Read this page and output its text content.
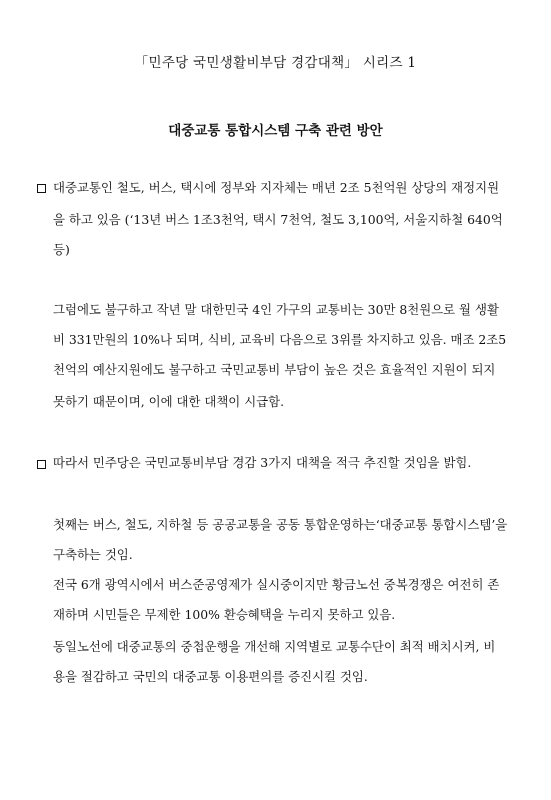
「민주당 국민생활비부담 경감대책」 시리즈 1
대중교통 통합시스템 구축 관련 방안
대중교통인 철도, 버스, 택시에 정부와 지자체는 매년 2조 5천억원 상당의 재정지원
을 하고 있음 (‘13년 버스 1조3천억, 택시 7천억, 철도 3,100억, 서울지하철 640억
등)
그럼에도 불구하고 작년 말 대한민국 4인 가구의 교통비는 30만 8천원으로 월 생활
비 331만원의 10%나 되며, 식비, 교육비 다음으로 3위를 차지하고 있음. 매조 2조5
천억의 예산지원에도 불구하고 국민교통비 부담이 높은 것은 효율적인 지원이 되지
못하기 때문이며, 이에 대한 대책이 시급함.
따라서 민주당은 국민교통비부담 경감 3가지 대책을 적극 추진할 것임을 밝힘.
첫째는 버스, 철도, 지하철 등 공공교통을 공동 통합운영하는‘대중교통 통합시스템’을
구축하는 것임.
전국 6개 광역시에서 버스준공영제가 실시중이지만 황금노선 중복경쟁은 여전히 존
재하며 시민들은 무제한 100% 환승혜택을 누리지 못하고 있음.
동일노선에 대중교통의 중첩운행을 개선해 지역별로 교통수단이 최적 배치시켜, 비
용을 절감하고 국민의 대중교통 이용편의를 증진시킬 것임.
